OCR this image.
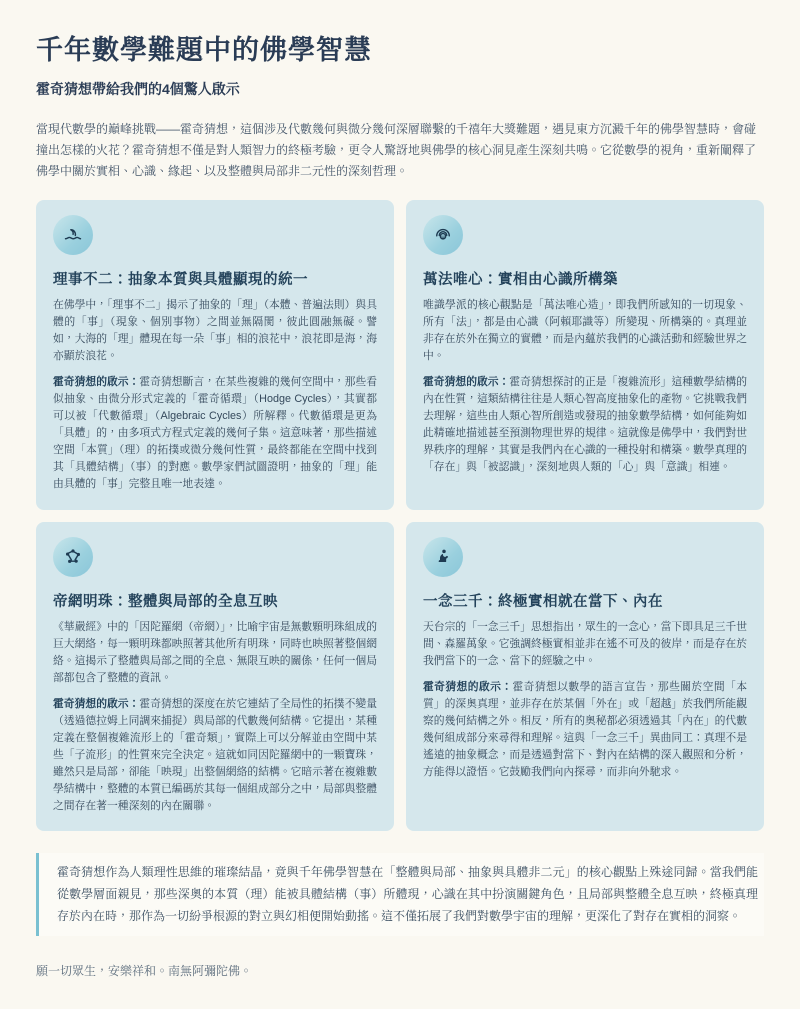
千年數學難題中的佛學智慧
霍奇猜想帶給我們的4個驚人啟示

當現代數學的巔峰挑戰——霍奇猜想，這個涉及代數幾何與微分幾何深層聯繫的千禧年大獎難題，遇見東方沉澱千年的佛學智慧時，會碰撞出怎樣的火花？霍奇猜想不僅是對人類智力的終極考驗，更令人驚訝地與佛學的核心洞見產生深刻共鳴。它從數學的視角，重新闡釋了佛學中關於實相、心識、緣起、以及整體與局部非二元性的深刻哲理。

理事不二：抽象本質與具體顯現的統一

在佛學中，「理事不二」揭示了抽象的「理」（本體、普遍法則）與具體的「事」（現象、個別事物）之間並無隔閡，彼此圓融無礙。譬如，大海的「理」體現在每一朵「事」相的浪花中，浪花即是海，海亦顯於浪花。

霍奇猜想的啟示：霍奇猜想斷言，在某些複雜的幾何空間中，那些看似抽象、由微分形式定義的「霍奇循環」（Hodge Cycles），其實都可以被「代數循環」（Algebraic Cycles）所解釋。代數循環是更為「具體」的，由多項式方程式定義的幾何子集。這意味著，那些描述空間「本質」（理）的拓撲或微分幾何性質，最終都能在空間中找到其「具體結構」（事）的對應。數學家們試圖證明，抽象的「理」能由具體的「事」完整且唯一地表達。

萬法唯心：實相由心識所構築

唯識學派的核心觀點是「萬法唯心造」，即我們所感知的一切現象、所有「法」，都是由心識（阿賴耶識等）所變現、所構築的。真理並非存在於外在獨立的實體，而是內蘊於我們的心識活動和經驗世界之中。

霍奇猜想的啟示：霍奇猜想探討的正是「複雜流形」這種數學結構的內在性質，這類結構往往是人類心智高度抽象化的產物。它挑戰我們去理解，這些由人類心智所創造或發現的抽象數學結構，如何能夠如此精確地描述甚至預測物理世界的規律。這就像是佛學中，我們對世界秩序的理解，其實是我們內在心識的一種投射和構築。數學真理的「存在」與「被認識」，深刻地與人類的「心」與「意識」相連。

帝網明珠：整體與局部的全息互映

《華嚴經》中的「因陀羅網（帝網）」，比喻宇宙是無數顆明珠組成的巨大網絡，每一顆明珠都映照著其他所有明珠，同時也映照著整個網絡。這揭示了整體與局部之間的全息、無限互映的關係，任何一個局部都包含了整體的資訊。

霍奇猜想的啟示：霍奇猜想的深度在於它連結了全局性的拓撲不變量（透過德拉姆上同調來捕捉）與局部的代數幾何結構。它提出，某種定義在整個複雜流形上的「霍奇類」，實際上可以分解並由空間中某些「子流形」的性質來完全決定。這就如同因陀羅網中的一顆寶珠，雖然只是局部，卻能「映現」出整個網絡的結構。它暗示著在複雜數學結構中，整體的本質已編碼於其每一個組成部分之中，局部與整體之間存在著一種深刻的內在關聯。

一念三千：終極實相就在當下、內在

天台宗的「一念三千」思想指出，眾生的一念心，當下即具足三千世間、森羅萬象。它強調終極實相並非在遙不可及的彼岸，而是存在於我們當下的一念、當下的經驗之中。

霍奇猜想的啟示：霍奇猜想以數學的語言宣告，那些關於空間「本質」的深奧真理，並非存在於某個「外在」或「超越」於我們所能觀察的幾何結構之外。相反，所有的奧秘都必須透過其「內在」的代數幾何組成部分來尋得和理解。這與「一念三千」異曲同工：真理不是遙遠的抽象概念，而是透過對當下、對內在結構的深入觀照和分析，方能得以證悟。它鼓勵我們向內探尋，而非向外馳求。

霍奇猜想作為人類理性思維的璀璨結晶，竟與千年佛學智慧在「整體與局部、抽象與具體非二元」的核心觀點上殊途同歸。當我們能從數學層面親見，那些深奧的本質（理）能被具體結構（事）所體現，心識在其中扮演關鍵角色，且局部與整體全息互映，終極真理存於內在時，那作為一切紛爭根源的對立與幻相便開始動搖。這不僅拓展了我們對數學宇宙的理解，更深化了對存在實相的洞察。

願一切眾生，安樂祥和。南無阿彌陀佛。
